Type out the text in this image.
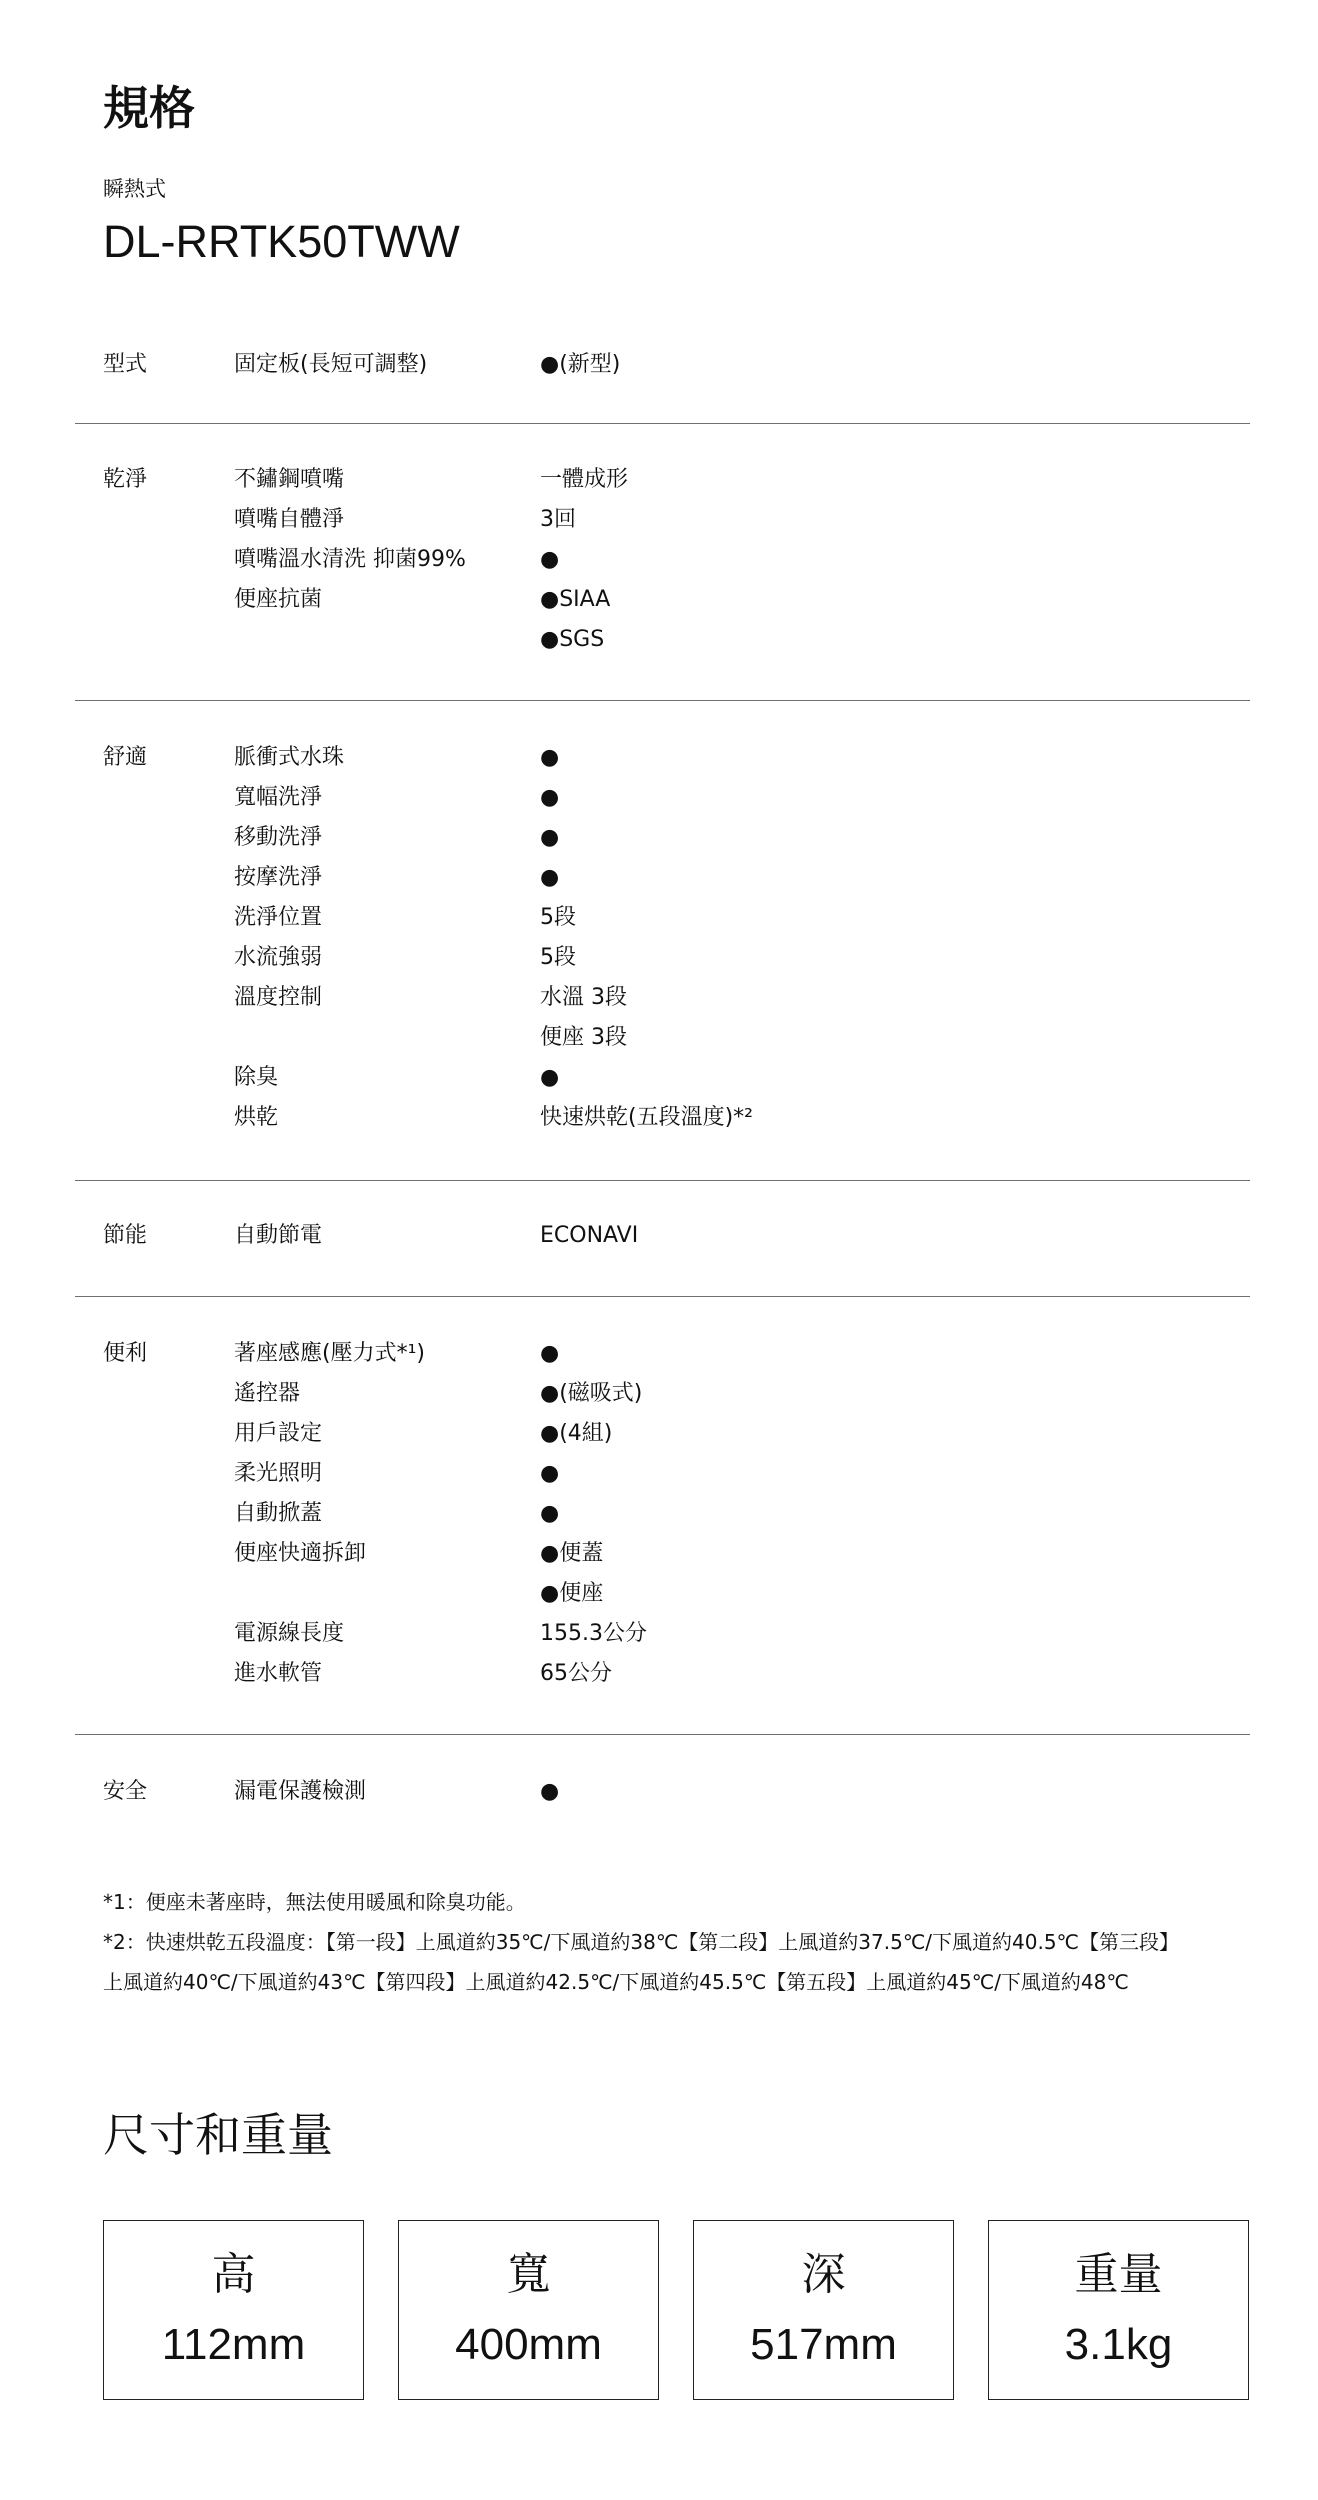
規格
瞬熱式
DL-RRTK50TWW
型式	固定板(長短可調整)	●(新型)
乾淨	不鏽鋼噴嘴	一體成形
噴嘴自體淨	3回
噴嘴溫水清洗 抑菌99%	●
便座抗菌	●SIAA
●SGS
舒適	脈衝式水珠	●
寬幅洗淨	●
移動洗淨	●
按摩洗淨	●
洗淨位置	5段
水流強弱	5段
溫度控制	水溫 3段
便座 3段
除臭	●
烘乾	快速烘乾(五段溫度)*²
節能	自動節電	ECONAVI
便利	著座感應(壓力式*¹)	●
遙控器	●(磁吸式)
用戶設定	●(4組)
柔光照明	●
自動掀蓋	●
便座快適拆卸	●便蓋
●便座
電源線長度	155.3公分
進水軟管	65公分
安全	漏電保護檢測	●
*1：便座未著座時，無法使用暖風和除臭功能。
*2：快速烘乾五段溫度：【第一段】上風道約35℃/下風道約38℃【第二段】上風道約37.5℃/下風道約40.5℃【第三段】
上風道約40℃/下風道約43℃【第四段】上風道約42.5℃/下風道約45.5℃【第五段】上風道約45℃/下風道約48℃
尺寸和重量
高
112mm
寬
400mm
深
517mm
重量
3.1kg
